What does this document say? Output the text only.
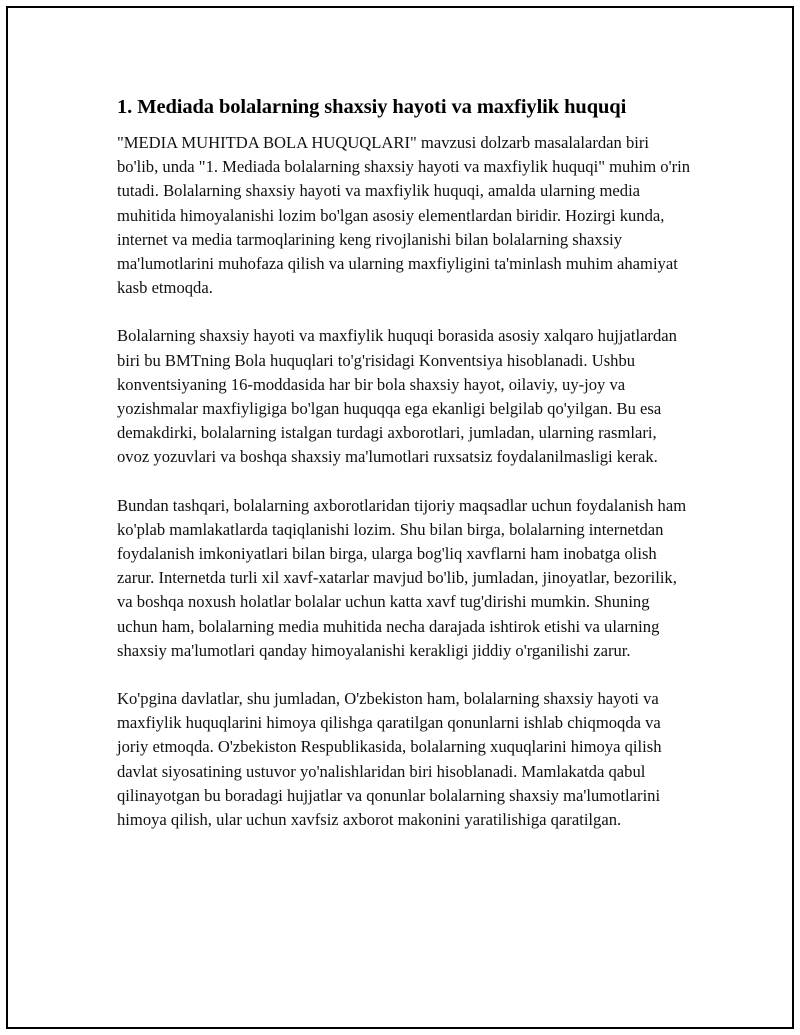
1. Mediada bolalarning shaxsiy hayoti va maxfiylik huquqi

"MEDIA MUHITDA BOLA HUQUQLARI" mavzusi dolzarb masalalardan biri bo'lib, unda "1. Mediada bolalarning shaxsiy hayoti va maxfiylik huquqi" muhim o'rin tutadi. Bolalarning shaxsiy hayoti va maxfiylik huquqi, amalda ularning media muhitida himoyalanishi lozim bo'lgan asosiy elementlardan biridir. Hozirgi kunda, internet va media tarmoqlarining keng rivojlanishi bilan bolalarning shaxsiy ma'lumotlarini muhofaza qilish va ularning maxfiyligini ta'minlash muhim ahamiyat kasb etmoqda.

Bolalarning shaxsiy hayoti va maxfiylik huquqi borasida asosiy xalqaro hujjatlardan biri bu BMTning Bola huquqlari to'g'risidagi Konventsiya hisoblanadi. Ushbu konventsiyaning 16-moddasida har bir bola shaxsiy hayot, oilaviy, uy-joy va yozishmalar maxfiyligiga bo'lgan huquqqa ega ekanligi belgilab qo'yilgan. Bu esa demakdirki, bolalarning istalgan turdagi axborotlari, jumladan, ularning rasmlari, ovoz yozuvlari va boshqa shaxsiy ma'lumotlari ruxsatsiz foydalanilmasligi kerak.

Bundan tashqari, bolalarning axborotlaridan tijoriy maqsadlar uchun foydalanish ham ko'plab mamlakatlarda taqiqlanishi lozim. Shu bilan birga, bolalarning internetdan foydalanish imkoniyatlari bilan birga, ularga bog'liq xavflarni ham inobatga olish zarur. Internetda turli xil xavf-xatarlar mavjud bo'lib, jumladan, jinoyatlar, bezorilik, va boshqa noxush holatlar bolalar uchun katta xavf tug'dirishi mumkin. Shuning uchun ham, bolalarning media muhitida necha darajada ishtirok etishi va ularning shaxsiy ma'lumotlari qanday himoyalanishi kerakligi jiddiy o'rganilishi zarur.

Ko'pgina davlatlar, shu jumladan, O'zbekiston ham, bolalarning shaxsiy hayoti va maxfiylik huquqlarini himoya qilishga qaratilgan qonunlarni ishlab chiqmoqda va joriy etmoqda. O'zbekiston Respublikasida, bolalarning xuquqlarini himoya qilish davlat siyosatining ustuvor yo'nalishlaridan biri hisoblanadi. Mamlakatda qabul qilinayotgan bu boradagi hujjatlar va qonunlar bolalarning shaxsiy ma'lumotlarini himoya qilish, ular uchun xavfsiz axborot makonini yaratilishiga qaratilgan.
